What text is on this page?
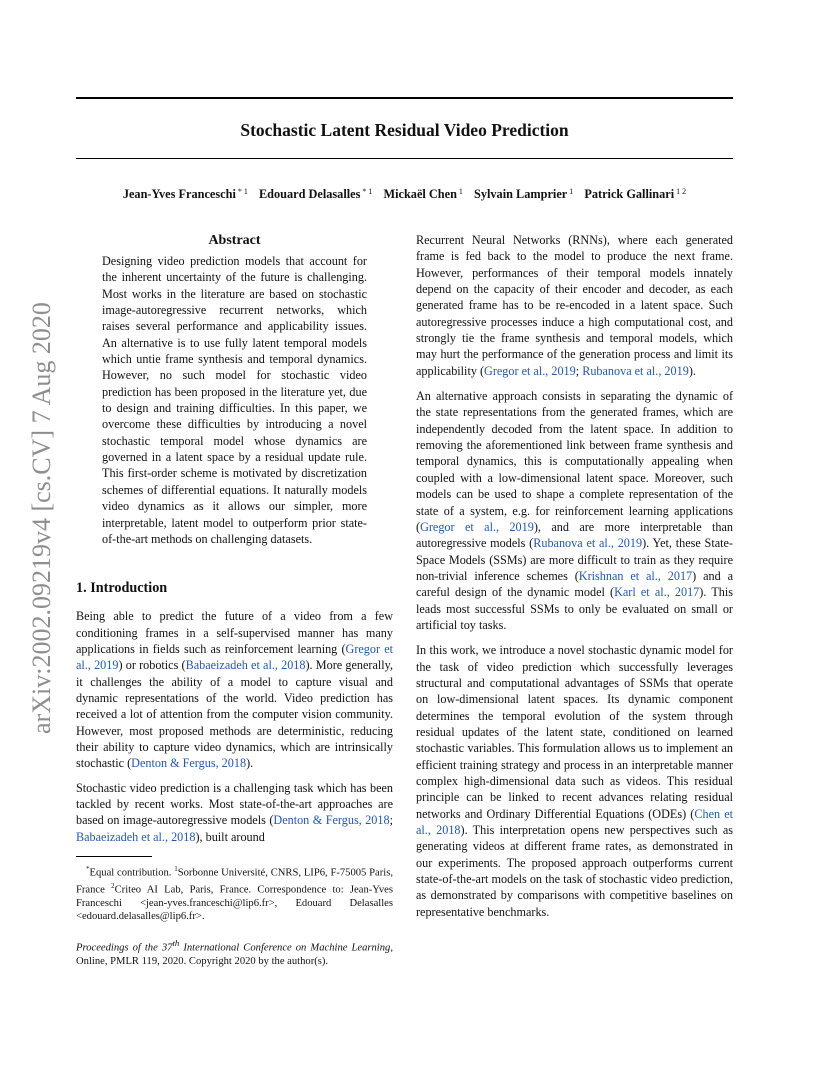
Stochastic Latent Residual Video Prediction
Jean-Yves Franceschi $^{* 1}$ Edouard Delasalles $^{* 1}$ Mickaël Chen $^1$ Sylvain Lamprier $^1$ Patrick Gallinari $^{1 2}$
arXiv:2002.09219v4 [cs.CV] 7 Aug 2020
Abstract

Designing video prediction models that account for the inherent uncertainty of the future is challenging. Most works in the literature are based on stochastic image-autoregressive recurrent networks, which raises several performance and applicability issues. An alternative is to use fully latent temporal models which untie frame synthesis and temporal dynamics. However, no such model for stochastic video prediction has been proposed in the literature yet, due to design and training difficulties. In this paper, we overcome these difficulties by introducing a novel stochastic temporal model whose dynamics are governed in a latent space by a residual update rule. This first-order scheme is motivated by discretization schemes of differential equations. It naturally models video dynamics as it allows our simpler, more interpretable, latent model to outperform prior state-of-the-art methods on challenging datasets.

1. Introduction

Being able to predict the future of a video from a few conditioning frames in a self-supervised manner has many applications in fields such as reinforcement learning (Gregor et al., 2019) or robotics (Babaeizadeh et al., 2018). More generally, it challenges the ability of a model to capture visual and dynamic representations of the world. Video prediction has received a lot of attention from the computer vision community. However, most proposed methods are deterministic, reducing their ability to capture video dynamics, which are intrinsically stochastic (Denton & Fergus, 2018).

Stochastic video prediction is a challenging task which has been tackled by recent works. Most state-of-the-art approaches are based on image-autoregressive models (Denton & Fergus, 2018; Babaeizadeh et al., 2018), built around

*Equal contribution. $^1$Sorbonne Université, CNRS, LIP6, F-75005 Paris, France $^2$Criteo AI Lab, Paris, France. Correspondence to: Jean-Yves Franceschi <jean-yves.franceschi@lip6.fr>, Edouard Delasalles <edouard.delasalles@lip6.fr>.
Proceedings of the 37th International Conference on Machine Learning, Online, PMLR 119, 2020. Copyright 2020 by the author(s).

Recurrent Neural Networks (RNNs), where each generated frame is fed back to the model to produce the next frame. However, performances of their temporal models innately depend on the capacity of their encoder and decoder, as each generated frame has to be re-encoded in a latent space. Such autoregressive processes induce a high computational cost, and strongly tie the frame synthesis and temporal models, which may hurt the performance of the generation process and limit its applicability (Gregor et al., 2019; Rubanova et al., 2019).

An alternative approach consists in separating the dynamic of the state representations from the generated frames, which are independently decoded from the latent space. In addition to removing the aforementioned link between frame synthesis and temporal dynamics, this is computationally appealing when coupled with a low-dimensional latent space. Moreover, such models can be used to shape a complete representation of the state of a system, e.g. for reinforcement learning applications (Gregor et al., 2019), and are more interpretable than autoregressive models (Rubanova et al., 2019). Yet, these State-Space Models (SSMs) are more difficult to train as they require non-trivial inference schemes (Krishnan et al., 2017) and a careful design of the dynamic model (Karl et al., 2017). This leads most successful SSMs to only be evaluated on small or artificial toy tasks.

In this work, we introduce a novel stochastic dynamic model for the task of video prediction which successfully leverages structural and computational advantages of SSMs that operate on low-dimensional latent spaces. Its dynamic component determines the temporal evolution of the system through residual updates of the latent state, conditioned on learned stochastic variables. This formulation allows us to implement an efficient training strategy and process in an interpretable manner complex high-dimensional data such as videos. This residual principle can be linked to recent advances relating residual networks and Ordinary Differential Equations (ODEs) (Chen et al., 2018). This interpretation opens new perspectives such as generating videos at different frame rates, as demonstrated in our experiments. The proposed approach outperforms current state-of-the-art models on the task of stochastic video prediction, as demonstrated by comparisons with competitive baselines on representative benchmarks.
